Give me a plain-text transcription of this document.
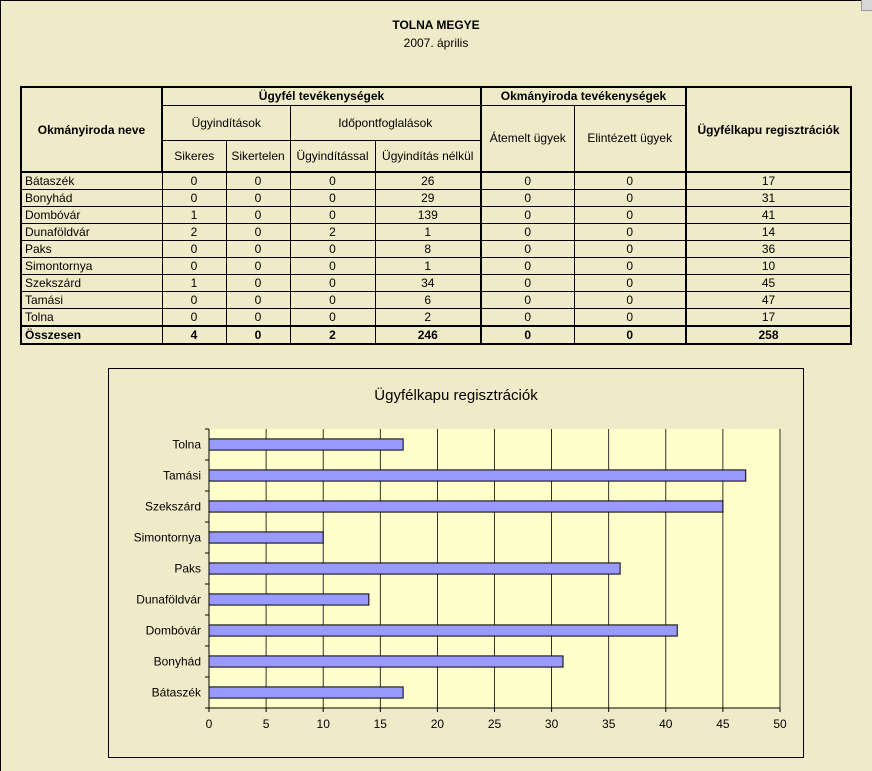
TOLNA MEGYE
2007. április
Okmányiroda neve	Ügyfél tevékenységek				Okmányiroda tevékenységek		Ügyfélkapu regisztrációk
	Ügyindítások		Időpontfoglalások		Átemelt ügyek	Elintézett ügyek	
	Sikeres	Sikertelen	Ügyindítással	Ügyindítás nélkül			
Bátaszék	0	0	0	26	0	0	17
Bonyhád	0	0	0	29	0	0	31
Dombóvár	1	0	0	139	0	0	41
Dunaföldvár	2	0	2	1	0	0	14
Paks	0	0	0	8	0	0	36
Simontornya	0	0	0	1	0	0	10
Szekszárd	1	0	0	34	0	0	45
Tamási	0	0	0	6	0	0	47
Tolna	0	0	0	2	0	0	17
Összesen	4	0	2	246	0	0	258
Ügyfélkapu regisztrációk
0	5	10	15	20	25	30	35	40	45	50
Tolna
Tamási
Szekszárd
Simontornya
Paks
Dunaföldvár
Dombóvár
Bonyhád
Bátaszék
